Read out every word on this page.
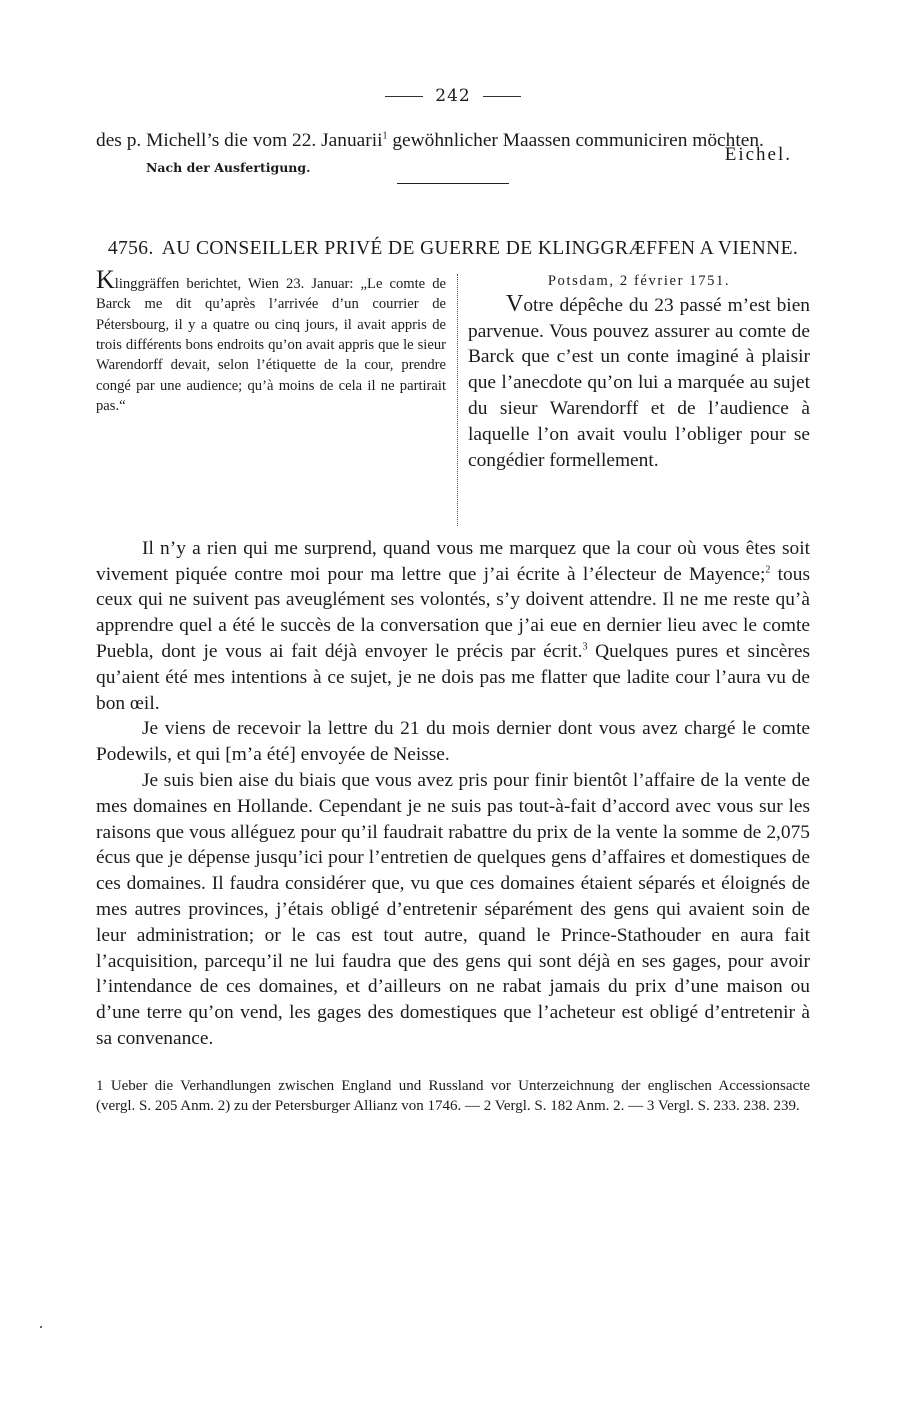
242

des p. Michell’s die vom 22. Januarii$^1$ gewöhnlicher Maassen communiciren möchten.

Eichel.
Nach der Ausfertigung.
4756. AU CONSEILLER PRIVÉ DE GUERRE DE KLINGGRÆFFEN A VIENNE.
Klinggräffen berichtet, Wien 23. Januar: „Le comte de Barck me dit qu’après l’arrivée d’un courrier de Pétersbourg, il y a quatre ou cinq jours, il avait appris de trois différents bons endroits qu’on avait appris que le sieur Warendorff devait, selon l’étiquette de la cour, prendre congé par une audience; qu’à moins de cela il ne partirait pas.“
Potsdam, 2 février 1751.
Votre dépêche du 23 passé m’est bien parvenue. Vous pouvez assurer au comte de Barck que c’est un conte imaginé à plaisir que l’anecdote qu’on lui a marquée au sujet du sieur Warendorff et de l’audience à laquelle l’on avait voulu l’obliger pour se congédier formellement.

Il n’y a rien qui me surprend, quand vous me marquez que la cour où vous êtes soit vivement piquée contre moi pour ma lettre que j’ai écrite à l’électeur de Mayence;$^2$ tous ceux qui ne suivent pas aveuglément ses volontés, s’y doivent attendre. Il ne me reste qu’à apprendre quel a été le succès de la conversation que j’ai eue en dernier lieu avec le comte Puebla, dont je vous ai fait déjà envoyer le précis par écrit.$^3$ Quelques pures et sincères qu’aient été mes intentions à ce sujet, je ne dois pas me flatter que ladite cour l’aura vu de bon œil.

Je viens de recevoir la lettre du 21 du mois dernier dont vous avez chargé le comte Podewils, et qui [m’a été] envoyée de Neisse.

Je suis bien aise du biais que vous avez pris pour finir bientôt l’affaire de la vente de mes domaines en Hollande. Cependant je ne suis pas tout-à-fait d’accord avec vous sur les raisons que vous alléguez pour qu’il faudrait rabattre du prix de la vente la somme de 2,075 écus que je dépense jusqu’ici pour l’entretien de quelques gens d’affaires et domestiques de ces domaines. Il faudra considérer que, vu que ces domaines étaient séparés et éloignés de mes autres provinces, j’étais obligé d’entretenir séparément des gens qui avaient soin de leur administration; or le cas est tout autre, quand le Prince-Stathouder en aura fait l’acquisition, parcequ’il ne lui faudra que des gens qui sont déjà en ses gages, pour avoir l’intendance de ces domaines, et d’ailleurs on ne rabat jamais du prix d’une maison ou d’une terre qu’on vend, les gages des domestiques que l’acheteur est obligé d’entretenir à sa convenance.

1 Ueber die Verhandlungen zwischen England und Russland vor Unterzeichnung der englischen Accessionsacte (vergl. S. 205 Anm. 2) zu der Petersburger Allianz von 1746. — 2 Vergl. S. 182 Anm. 2. — 3 Vergl. S. 233. 238. 239.
